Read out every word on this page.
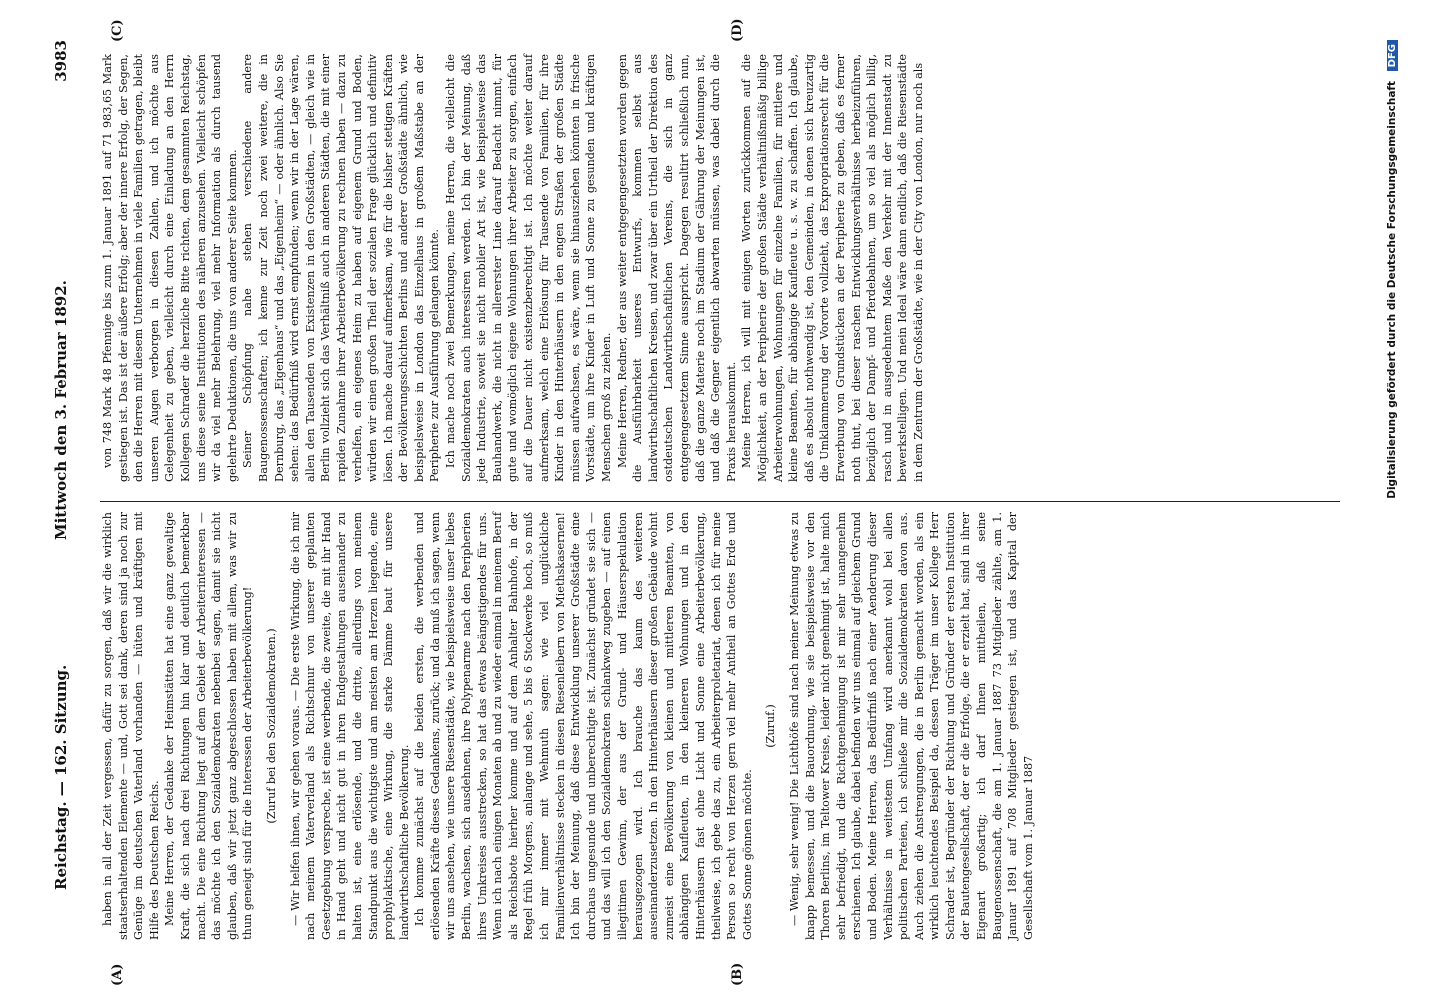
Reichstag. — 162. Sitzung.
Mittwoch den 3. Februar 1892.
3983
(A)	(B)
(C)	(D)

haben in all der Zeit vergessen, dafür zu sorgen, daß wir die wirklich staatserhaltenden Elemente — und, Gott sei dank, deren sind ja noch zur Genüge im deutschen Vaterland vorhanden — hüten und kräftigen mit Hilfe des Deutschen Reichs. Meine Herren, der Gedanke der Heimstätten hat eine ganz gewaltige Kraft, die sich nach drei Richtungen hin klar und deutlich bemerkbar macht. Die eine Richtung liegt auf dem Gebiet der Arbeiterinteressen — das möchte ich den Sozialdemokraten nebenbei sagen, damit sie nicht glauben, daß wir jetzt ganz abgeschlossen haben mit allem, was wir zu thun geneigt sind für die Interessen der Arbeiterbevölkerung! (Zuruf bei den Sozialdemokraten.) — Wir helfen ihnen, wir gehen voraus. — Die erste Wirkung, die ich mir nach meinem Vaterverland als Richtschnur von unserer geplanten Gesetzgebung verspreche, ist eine werbende, die zweite, die mit ihr Hand in Hand geht und nicht gut in ihren Endgestaltungen auseinander zu halten ist, eine erlösende, und die dritte, allerdings von meinem Standpunkt aus die wichtigste und am meisten am Herzen liegende, eine prophylaktische, eine Wirkung, die starke Dämme baut für unsere landwirthschaftliche Bevölkerung. Ich komme zunächst auf die beiden ersten, die werbenden und erlösenden Kräfte dieses Gedankens, zurück; und da muß ich sagen, wenn wir uns ansehen, wie unsere Riesenstädte, wie beispielsweise unser liebes Berlin, wachsen, sich ausdehnen, ihre Polypenarme nach den Peripherien ihres Umkreises ausstrecken, so hat das etwas beängstigendes für uns. Wenn ich nach einigen Monaten ab und zu wieder einmal in meinem Beruf als Reichsbote hierher komme und auf dem Anhalter Bahnhofe, in der Regel früh Morgens, anlange und sehe, 5 bis 6 Stockwerke hoch, so muß ich mir immer mit Wehmuth sagen: wie viel unglückliche Familienverhältnisse stecken in diesen Riesenleibern von Miethskasernen! Ich bin der Meinung, daß diese Entwicklung unserer Großstädte eine durchaus ungesunde und unberechtigte ist. Zunächst gründet sie sich — und das will ich den Sozialdemokraten schlankweg zugeben — auf einen illegitimen Gewinn, der aus der Grund- und Häuserspekulation herausgezogen wird. Ich brauche das kaum des weiteren auseinanderzusetzen. In den Hinterhäusern dieser großen Gebäude wohnt zumeist eine Bevölkerung von kleinen und mittleren Beamten, von abhängigen Kaufleuten, in den kleineren Wohnungen und in den Hinterhäusern fast ohne Licht und Sonne eine Arbeiterbevölkerung, theilweise, ich gebe das zu, ein Arbeiterproletariat, denen ich für meine Person so recht von Herzen gern viel mehr Antheil an Gottes Erde und Gottes Sonne gönnen möchte.

(Zuruf.) — Wenig, sehr wenig! Die Lichthöfe sind nach meiner Meinung etwas zu knapp bemessen, und die Bauordnung, wie sie beispielsweise vor den Thoren Berlins, im Teltower Kreise, leider nicht genehmigt ist, halte mich sehr befriedigt, und die Richtgenehmigung ist mir sehr unangenehm erschienen. Ich glaube, dabei befinden wir uns einmal auf gleichem Grund und Boden. Meine Herren, das Bedürfniß nach einer Aenderung dieser Verhältnisse in weitestem Umfang wird anerkannt wohl bei allen politischen Parteien, ich schließe mir die Sozialdemokraten davon aus. Auch ziehen die Anstrengungen, die in Berlin gemacht worden, als ein wirklich leuchtendes Beispiel da, dessen Träger im unser Kollege Herr Schrader ist, Begründer der Richtung und Gründer der ersten Institution der Bautengesellschaft, der er die Erfolge, die er erzielt hat, sind in ihrer Eigenart großartig; ich darf Ihnen mittheilen, daß seine Baugenossenschaft, die am 1. Januar 1887 73 Mitglieder zählte, am 1. Januar 1891 auf 708 Mitglieder gestiegen ist, und das Kapital der Gesellschaft vom 1. Januar 1887

von 748 Mark 48 Pfennige bis zum 1. Januar 1891 auf 71 983,65 Mark gestiegen ist. Das ist der äußere Erfolg; aber der innere Erfolg, der Segen, den die Herren mit diesem Unternehmen in viele Familien getragen, bleibt unseren Augen verborgen in diesen Zahlen, und ich möchte aus Gelegenheit zu geben, vielleicht durch eine Einladung an den Herrn Kollegen Schrader die herzliche Bitte richten, dem gesammten Reichstag, uns diese seine Institutionen des näheren anzusehen. Vielleicht schöpfen wir da viel mehr Belehrung, viel mehr Information als durch tausend gelehrte Deduktionen, die uns von anderer Seite kommen. Seiner Schöpfung nahe stehen verschiedene andere Baugenossenschaften; ich kenne zur Zeit noch zwei weitere, die in Dernburg, das „Eigenhaus“ und das „Eigenheim“ — oder ähnlich. Also Sie sehen: das Bedürfniß wird ernst empfunden; wenn wir in der Lage wären, allen den Tausenden von Existenzen in den Großstädten, — gleich wie in Berlin vollzieht sich das Verhältniß auch in anderen Städten, die mit einer rapiden Zunahme ihrer Arbeiterbevölkerung zu rechnen haben — dazu zu verhelfen, ein eigenes Heim zu haben auf eigenem Grund und Boden, würden wir einen großen Theil der sozialen Frage glücklich und definitiv lösen. Ich mache darauf aufmerksam, wie für die bisher stetigen Kräften der Bevölkerungsschichten Berlins und anderer Großstädte ähnlich, wie beispielsweise in London das Einzelhaus in großem Maßstabe an der Peripherie zur Ausführung gelangen könnte. Ich mache noch zwei Bemerkungen, meine Herren, die vielleicht die Sozialdemokraten auch interessiren werden. Ich bin der Meinung, daß jede Industrie, soweit sie nicht mobiler Art ist, wie beispielsweise das Bauhandwerk, die nicht in allererster Linie darauf Bedacht nimmt, für gute und womöglich eigene Wohnungen ihrer Arbeiter zu sorgen, einfach auf die Dauer nicht existenzberechtigt ist. Ich möchte weiter darauf aufmerksam, welch eine Erlösung für Tausende von Familien, für ihre Kinder in den Hinterhäusern in den engen Straßen der großen Städte müssen aufwachsen, es wäre, wenn sie hinausziehen könnten in frische Vorstädte, um ihre Kinder in Luft und Sonne zu gesunden und kräftigen Menschen groß zu ziehen. Meine Herren, Redner, der aus weiter entgegengesetzten worden gegen die Ausführbarkeit unseres Entwurfs, kommen selbst aus landwirthschaftlichen Kreisen, und zwar über ein Urtheil der Direktion des ostdeutschen Landwirthschaftlichen Vereins, die sich in ganz entgegengesetztem Sinne ausspricht. Dagegen resultirt schließlich nun, daß die ganze Materie noch im Stadium der Gährung der Meinungen ist, und daß die Gegner eigentlich abwarten müssen, was dabei durch die Praxis herauskommt. Meine Herren, ich will mit einigen Worten zurückkommen auf die Möglichkeit, an der Peripherie der großen Städte verhältnißmäßig billige Arbeiterwohnungen, Wohnungen für einzelne Familien, für mittlere und kleine Beamten, für abhängige Kaufleute u. s. w. zu schaffen. Ich glaube, daß es absolut nothwendig ist, den Gemeinden, in denen sich kreuzartig die Umklammerung der Vororte vollzieht, das Expropriationsrecht für die Erwerbung von Grundstücken an der Peripherie zu geben, daß es ferner noth thut, bei dieser raschen Entwicklungsverhältnisse herbeizuführen, bezüglich der Dampf- und Pferdebahnen, um so viel als möglich billig, rasch und in ausgedehntem Maße den Verkehr mit der Innenstadt zu bewerkstelligen. Und mein Ideal wäre dann endlich, daß die Riesenstädte in dem Zentrum der Großstädte, wie in der City von London, nur noch als	Digitalisierung gefördert durch die Deutsche Forschungsgemeinschaft DFG
